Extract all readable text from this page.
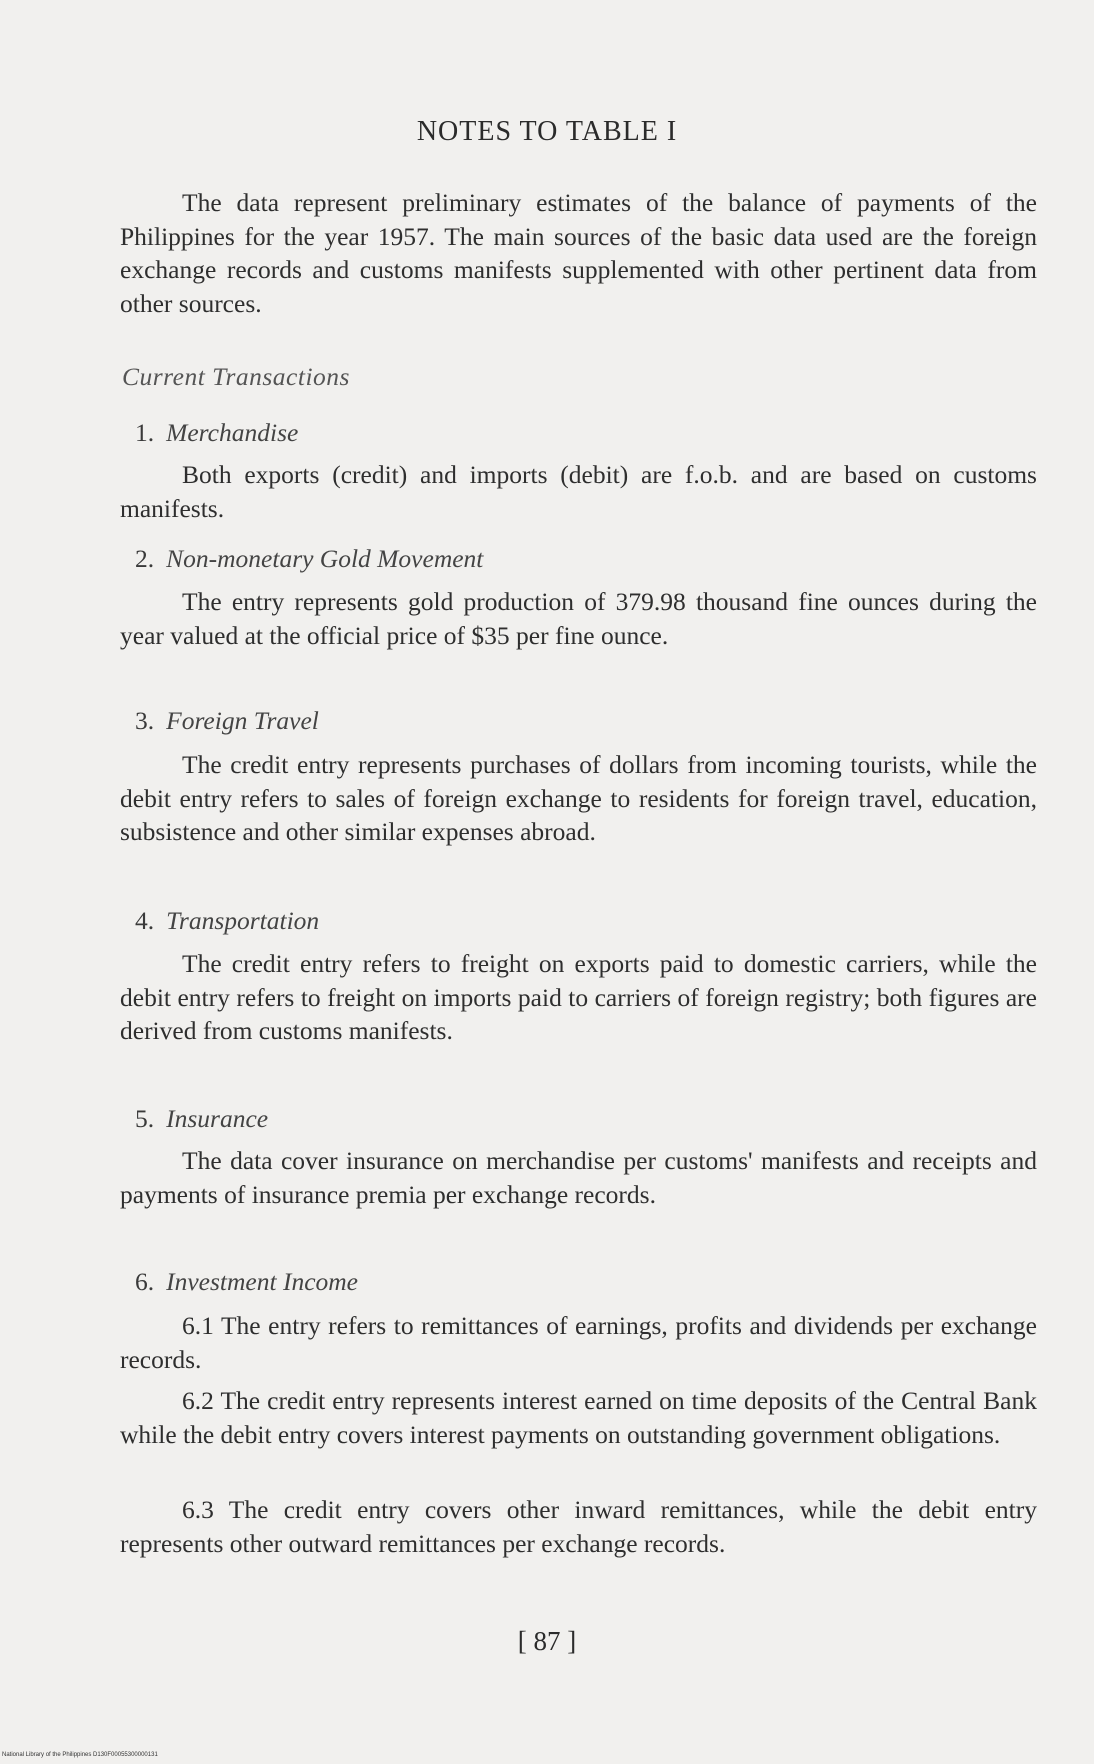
NOTES TO TABLE I
The data represent preliminary estimates of the balance of payments of the Philippines for the year 1957. The main sources of the basic data used are the foreign exchange records and customs manifests supplemented with other pertinent data from other sources.
Current Transactions
1. Merchandise
Both exports (credit) and imports (debit) are f.o.b. and are based on customs manifests.
2. Non-monetary Gold Movement
The entry represents gold production of 379.98 thousand fine ounces during the year valued at the official price of $35 per fine ounce.
3. Foreign Travel
The credit entry represents purchases of dollars from incoming tourists, while the debit entry refers to sales of foreign exchange to residents for foreign travel, education, subsistence and other similar expenses abroad.
4. Transportation
The credit entry refers to freight on exports paid to domestic carriers, while the debit entry refers to freight on imports paid to carriers of foreign registry; both figures are derived from customs manifests.
5. Insurance
The data cover insurance on merchandise per customs' manifests and receipts and payments of insurance premia per exchange records.
6. Investment Income
6.1 The entry refers to remittances of earnings, profits and dividends per exchange records.
6.2 The credit entry represents interest earned on time deposits of the Central Bank while the debit entry covers interest payments on outstanding government obligations.
6.3 The credit entry covers other inward remittances, while the debit entry represents other outward remittances per exchange records.
[ 87 ]
National Library of the Philippines D130F00055300000131
